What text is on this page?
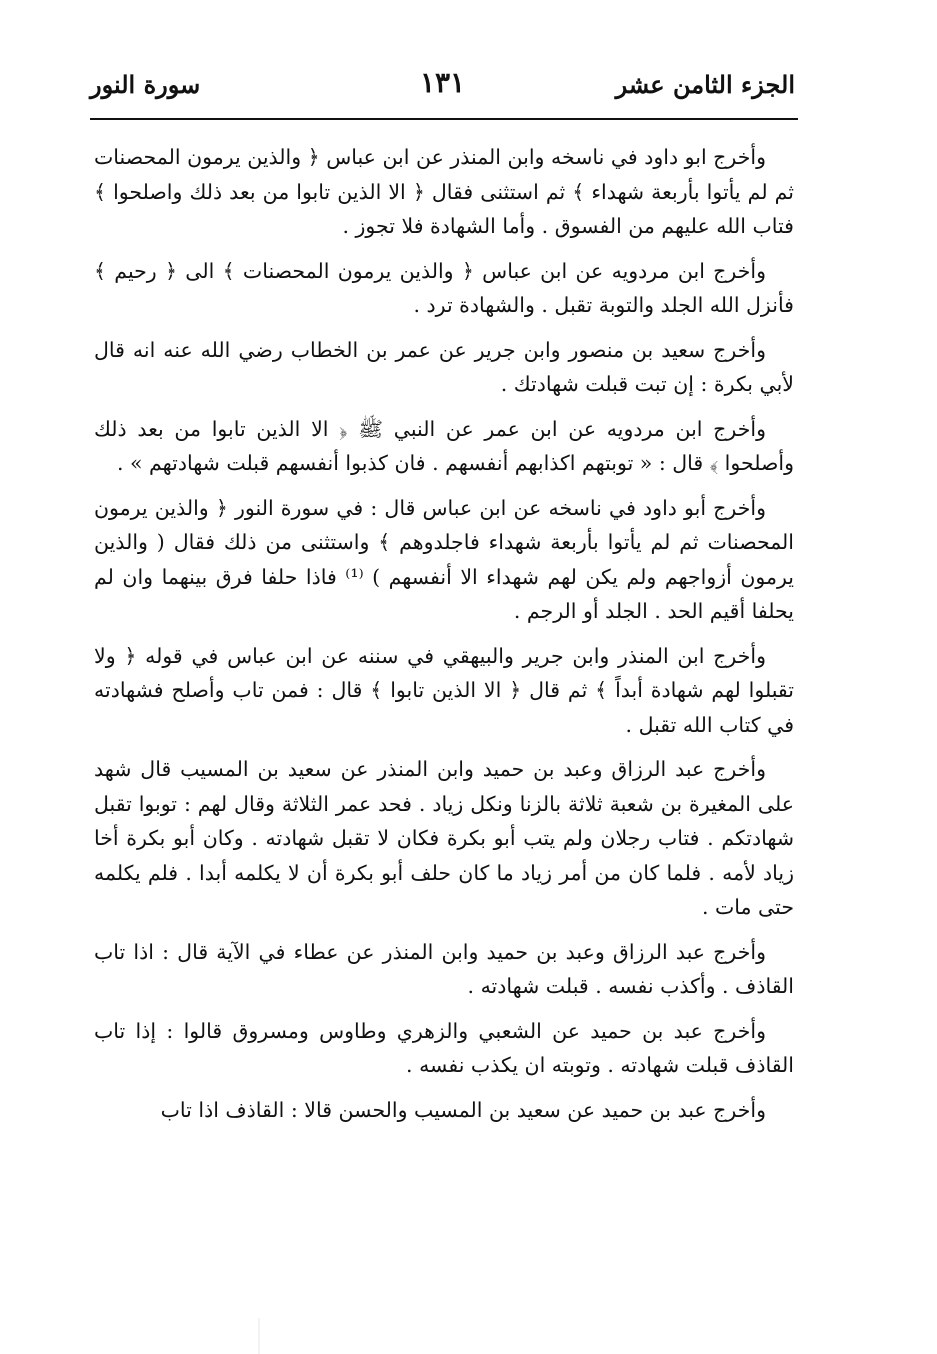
الجزء الثامن عشر
١٣١
سورة النور

وأخرج ابو داود في ناسخه وابن المنذر عن ابن عباس ﴿ والذين يرمون المحصنات ثم لم يأتوا بأربعة شهداء ﴾ ثم استثنى فقال ﴿ الا الذين تابوا من بعد ذلك واصلحوا ﴾ فتاب الله عليهم من الفسوق . وأما الشهادة فلا تجوز .

وأخرج ابن مردويه عن ابن عباس ﴿ والذين يرمون المحصنات ﴾ الى ﴿ رحيم ﴾ فأنزل الله الجلد والتوبة تقبل . والشهادة ترد .

وأخرج سعيد بن منصور وابن جرير عن عمر بن الخطاب رضي الله عنه انه قال لأبي بكرة : إن تبت قبلت شهادتك .

وأخرج ابن مردويه عن ابن عمر عن النبي ﷺ ﴿ الا الذين تابوا من بعد ذلك وأصلحوا ﴾ قال : « توبتهم اكذابهم أنفسهم . فان كذبوا أنفسهم قبلت شهادتهم » .

وأخرج أبو داود في ناسخه عن ابن عباس قال : في سورة النور ﴿ والذين يرمون المحصنات ثم لم يأتوا بأربعة شهداء فاجلدوهم ﴾ واستثنى من ذلك فقال ( والذين يرمون أزواجهم ولم يكن لهم شهداء الا أنفسهم ) ⁽¹⁾ فاذا حلفا فرق بينهما وان لم يحلفا أقيم الحد . الجلد أو الرجم .

وأخرج ابن المنذر وابن جرير والبيهقي في سننه عن ابن عباس في قوله ﴿ ولا تقبلوا لهم شهادة أبداً ﴾ ثم قال ﴿ الا الذين تابوا ﴾ قال : فمن تاب وأصلح فشهادته في كتاب الله تقبل .

وأخرج عبد الرزاق وعبد بن حميد وابن المنذر عن سعيد بن المسيب قال شهد على المغيرة بن شعبة ثلاثة بالزنا ونكل زياد . فحد عمر الثلاثة وقال لهم : توبوا تقبل شهادتكم . فتاب رجلان ولم يتب أبو بكرة فكان لا تقبل شهادته . وكان أبو بكرة أخا زياد لأمه . فلما كان من أمر زياد ما كان حلف أبو بكرة أن لا يكلمه أبدا . فلم يكلمه حتى مات .

وأخرج عبد الرزاق وعبد بن حميد وابن المنذر عن عطاء في الآية قال : اذا تاب القاذف . وأكذب نفسه . قبلت شهادته .

وأخرج عبد بن حميد عن الشعبي والزهري وطاوس ومسروق قالوا : إذا تاب القاذف قبلت شهادته . وتوبته ان يكذب نفسه .

وأخرج عبد بن حميد عن سعيد بن المسيب والحسن قالا : القاذف اذا تاب
